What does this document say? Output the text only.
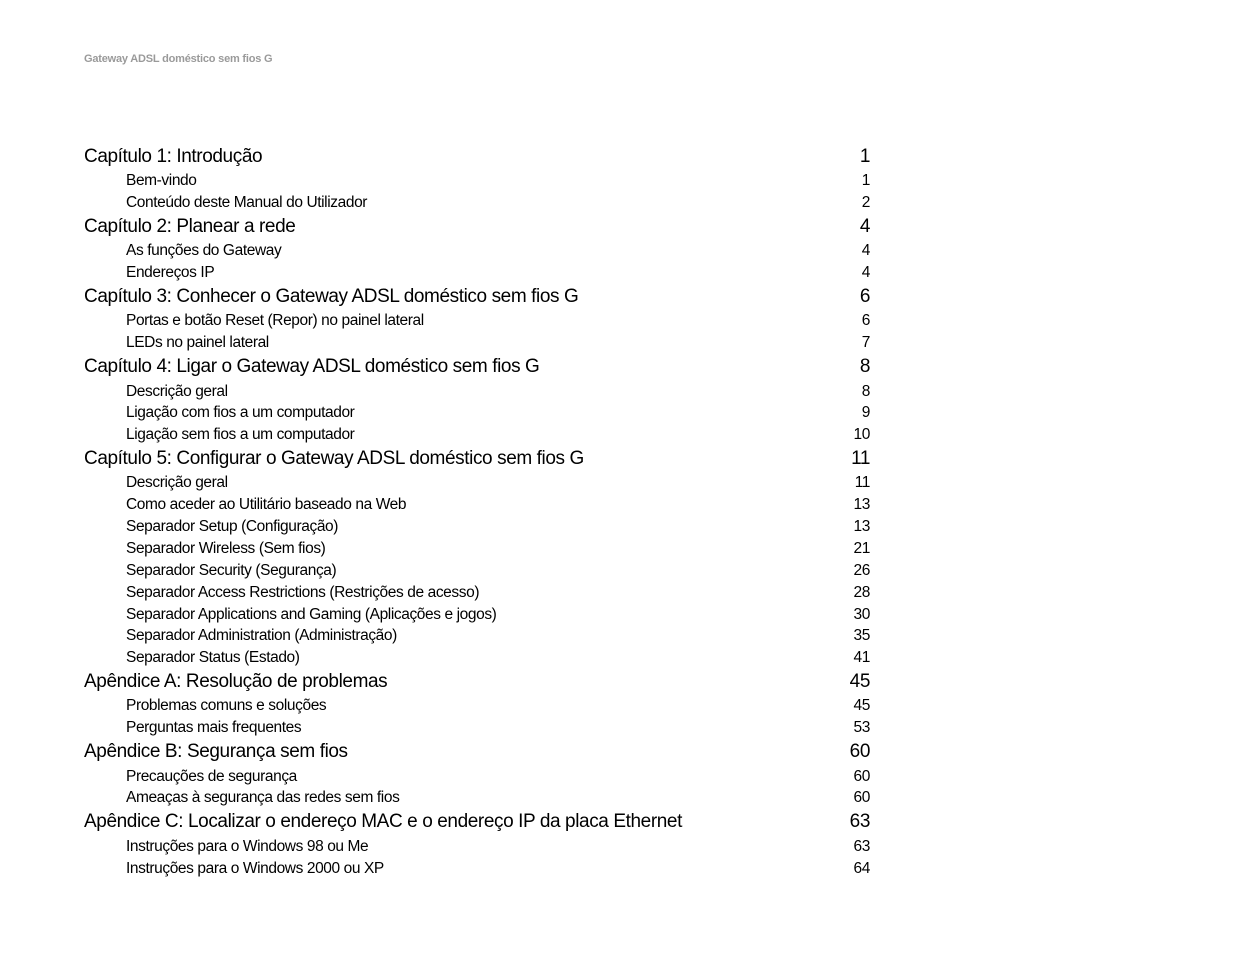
Gateway ADSL doméstico sem fios G
Capítulo 1: Introdução	1
Bem-vindo	1
Conteúdo deste Manual do Utilizador	2
Capítulo 2: Planear a rede	4
As funções do Gateway	4
Endereços IP	4
Capítulo 3: Conhecer o Gateway ADSL doméstico sem fios G	6
Portas e botão Reset (Repor) no painel lateral	6
LEDs no painel lateral	7
Capítulo 4: Ligar o Gateway ADSL doméstico sem fios G	8
Descrição geral	8
Ligação com fios a um computador	9
Ligação sem fios a um computador	10
Capítulo 5: Configurar o Gateway ADSL doméstico sem fios G	11
Descrição geral	11
Como aceder ao Utilitário baseado na Web	13
Separador Setup (Configuração)	13
Separador Wireless (Sem fios)	21
Separador Security (Segurança)	26
Separador Access Restrictions (Restrições de acesso)	28
Separador Applications and Gaming (Aplicações e jogos)	30
Separador Administration (Administração)	35
Separador Status (Estado)	41
Apêndice A: Resolução de problemas	45
Problemas comuns e soluções	45
Perguntas mais frequentes	53
Apêndice B: Segurança sem fios	60
Precauções de segurança	60
Ameaças à segurança das redes sem fios	60
Apêndice C: Localizar o endereço MAC e o endereço IP da placa Ethernet	63
Instruções para o Windows 98 ou Me	63
Instruções para o Windows 2000 ou XP	64
